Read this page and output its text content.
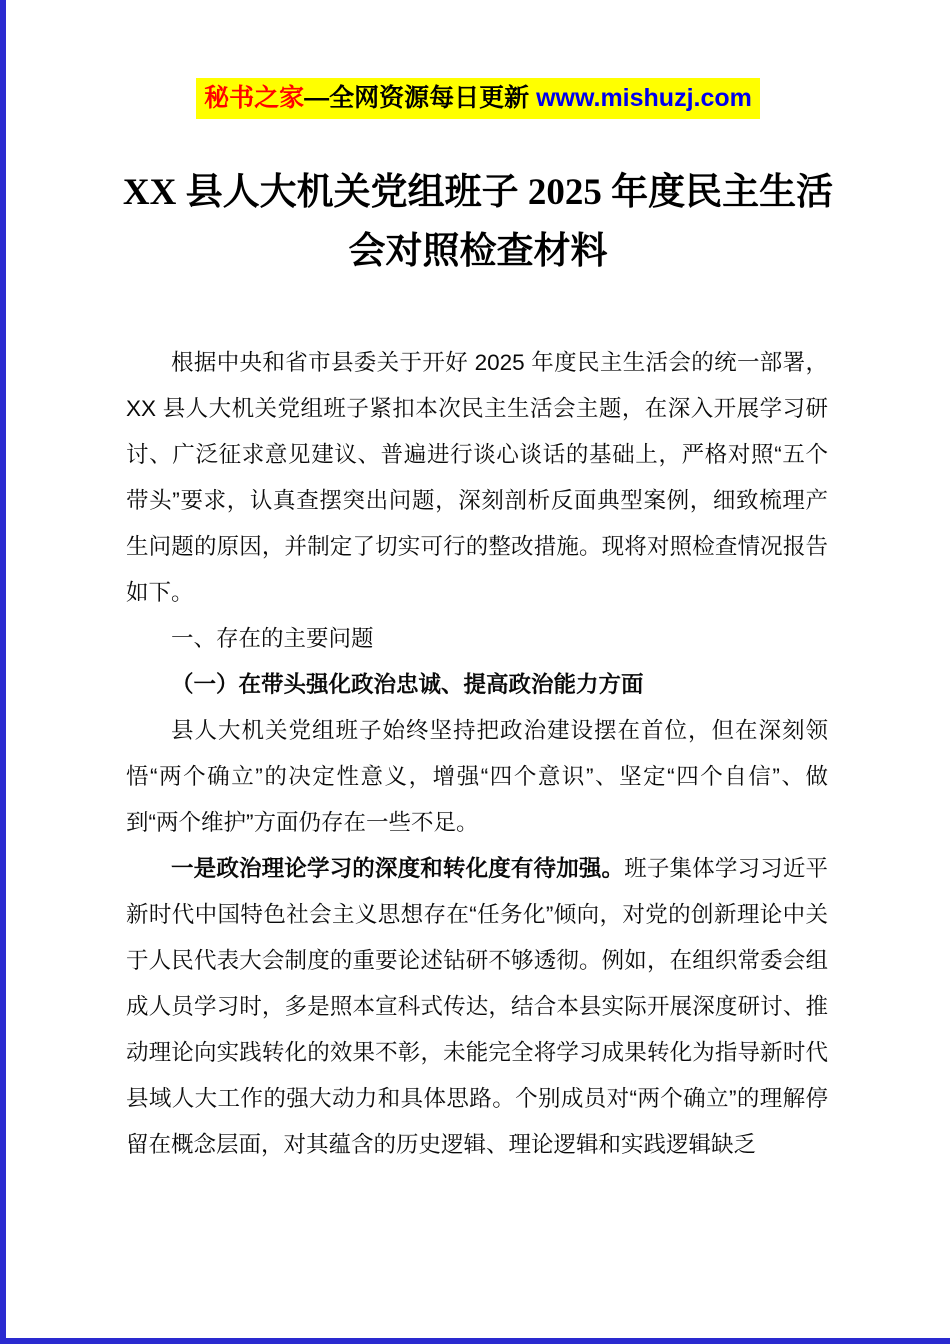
秘书之家—全网资源每日更新 www.mishuzj.com
XX 县人大机关党组班子 2025 年度民主生活会对照检查材料

根据中央和省市县委关于开好 2025 年度民主生活会的统一部署，XX 县人大机关党组班子紧扣本次民主生活会主题，在深入开展学习研讨、广泛征求意见建议、普遍进行谈心谈话的基础上，严格对照“五个带头”要求，认真查摆突出问题，深刻剖析反面典型案例，细致梳理产生问题的原因，并制定了切实可行的整改措施。现将对照检查情况报告如下。

一、存在的主要问题

（一）在带头强化政治忠诚、提高政治能力方面

县人大机关党组班子始终坚持把政治建设摆在首位，但在深刻领悟“两个确立”的决定性意义，增强“四个意识”、坚定“四个自信”、做到“两个维护”方面仍存在一些不足。

一是政治理论学习的深度和转化度有待加强。班子集体学习习近平新时代中国特色社会主义思想存在“任务化”倾向，对党的创新理论中关于人民代表大会制度的重要论述钻研不够透彻。例如，在组织常委会组成人员学习时，多是照本宣科式传达，结合本县实际开展深度研讨、推动理论向实践转化的效果不彰，未能完全将学习成果转化为指导新时代县域人大工作的强大动力和具体思路。个别成员对“两个确立”的理解停留在概念层面，对其蕴含的历史逻辑、理论逻辑和实践逻辑缺乏
